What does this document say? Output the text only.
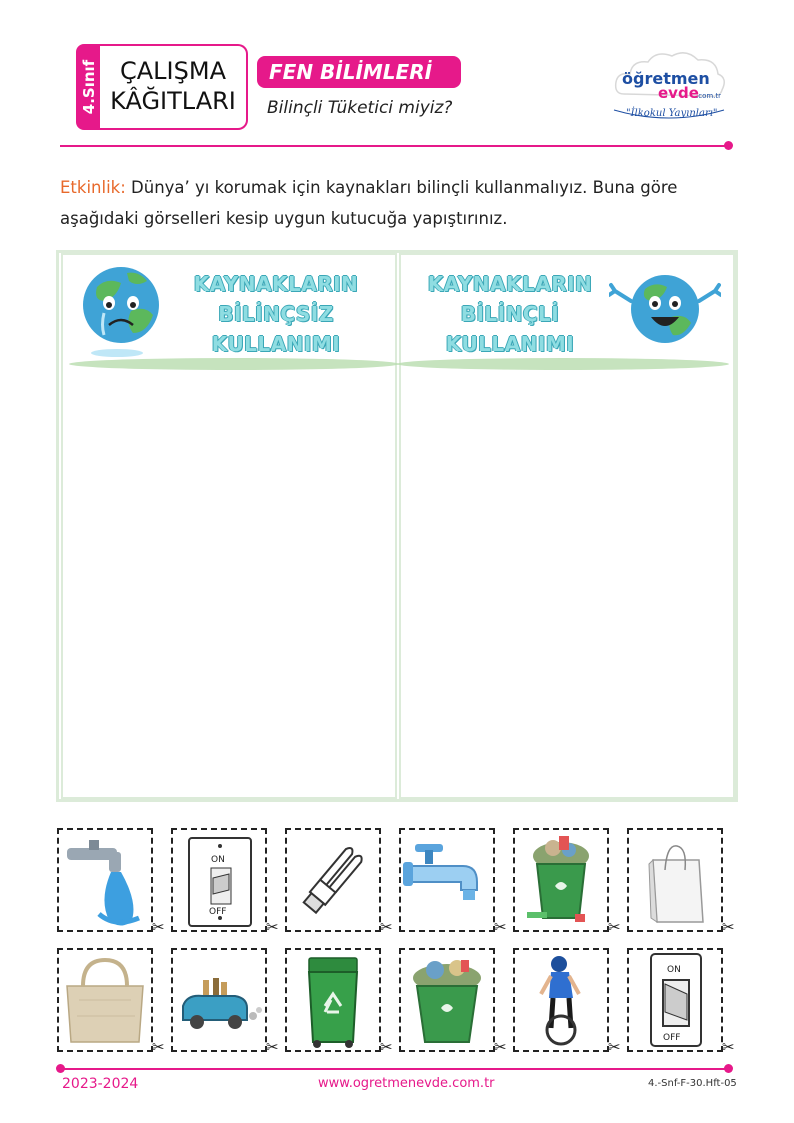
4.Sınıf ÇALIŞMA
KÂĞITLARI
FEN BİLİMLERİ
Bilinçli Tüketici miyiz?
öğretmen
evde
.com.tr
"İlkokul Yayınları"
Etkinlik: Dünya’ yı korumak için kaynakları bilinçli kullanmalıyız. Buna göre aşağıdaki görselleri kesip uygun kutucuğa yapıştırınız.
KAYNAKLARIN
BİLİNÇSİZ
KULLANIMI
KAYNAKLARIN
BİLİNÇLİ
KULLANIMI
ON
OFF
ON
OFF
✂	✂	✂	✂	✂	✂
✂	✂	✂	✂	✂	✂
2023-2024	www.ogretmenevde.com.tr	4.-Snf-F-30.Hft-05
